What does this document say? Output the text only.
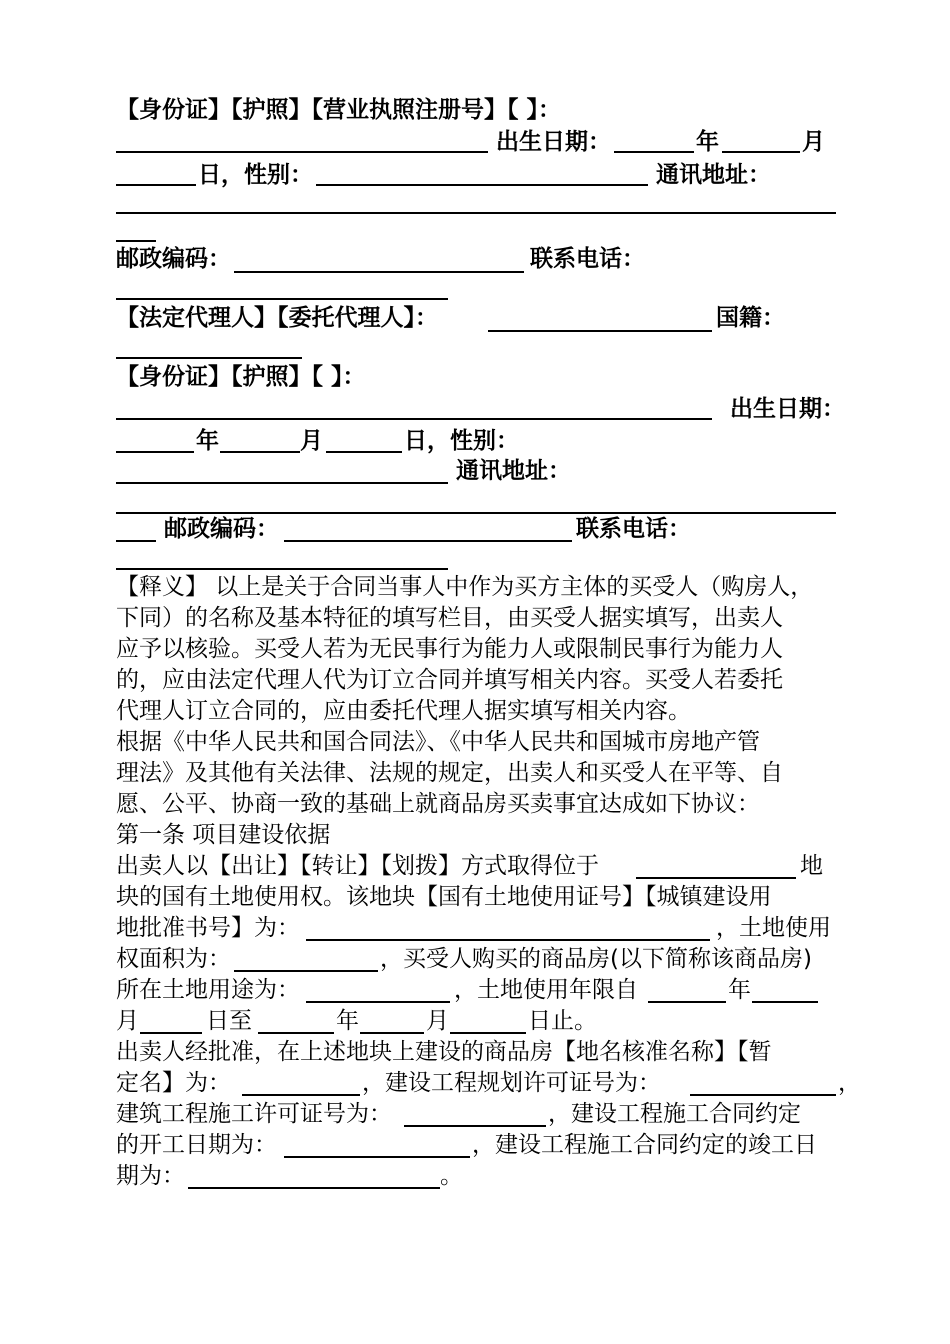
【身份证】【护照】【营业执照注册号】【 】：
出生日期：	年	月
日，性别：	通讯地址：
邮政编码：	联系电话：
【法定代理人】【委托代理人】：	国籍：
【身份证】【护照】【 】：
出生日期：
年	月	日，性别：
通讯地址：
邮政编码：	联系电话：
【释义】 以上是关于合同当事人中作为买方主体的买受人（购房人，
下同）的名称及基本特征的填写栏目，由买受人据实填写，出卖人
应予以核验。买受人若为无民事行为能力人或限制民事行为能力人
的，应由法定代理人代为订立合同并填写相关内容。买受人若委托
代理人订立合同的，应由委托代理人据实填写相关内容。
根据《中华人民共和国合同法》、《中华人民共和国城市房地产管
理法》及其他有关法律、法规的规定，出卖人和买受人在平等、自
愿、公平、协商一致的基础上就商品房买卖事宜达成如下协议：
第一条 项目建设依据
出卖人以【出让】【转让】【划拨】方式取得位于	地
块的国有土地使用权。该地块【国有土地使用证号】【城镇建设用
地批准书号】为：	，土地使用
权面积为：	，买受人购买的商品房(以下简称该商品房)
所在土地用途为：	，土地使用年限自	年
月	日至	年	月	日止。
出卖人经批准，在上述地块上建设的商品房【地名核准名称】【暂
定名】为：	，建设工程规划许可证号为：	，
建筑工程施工许可证号为：	，建设工程施工合同约定
的开工日期为：	，建设工程施工合同约定的竣工日
期为：	。
